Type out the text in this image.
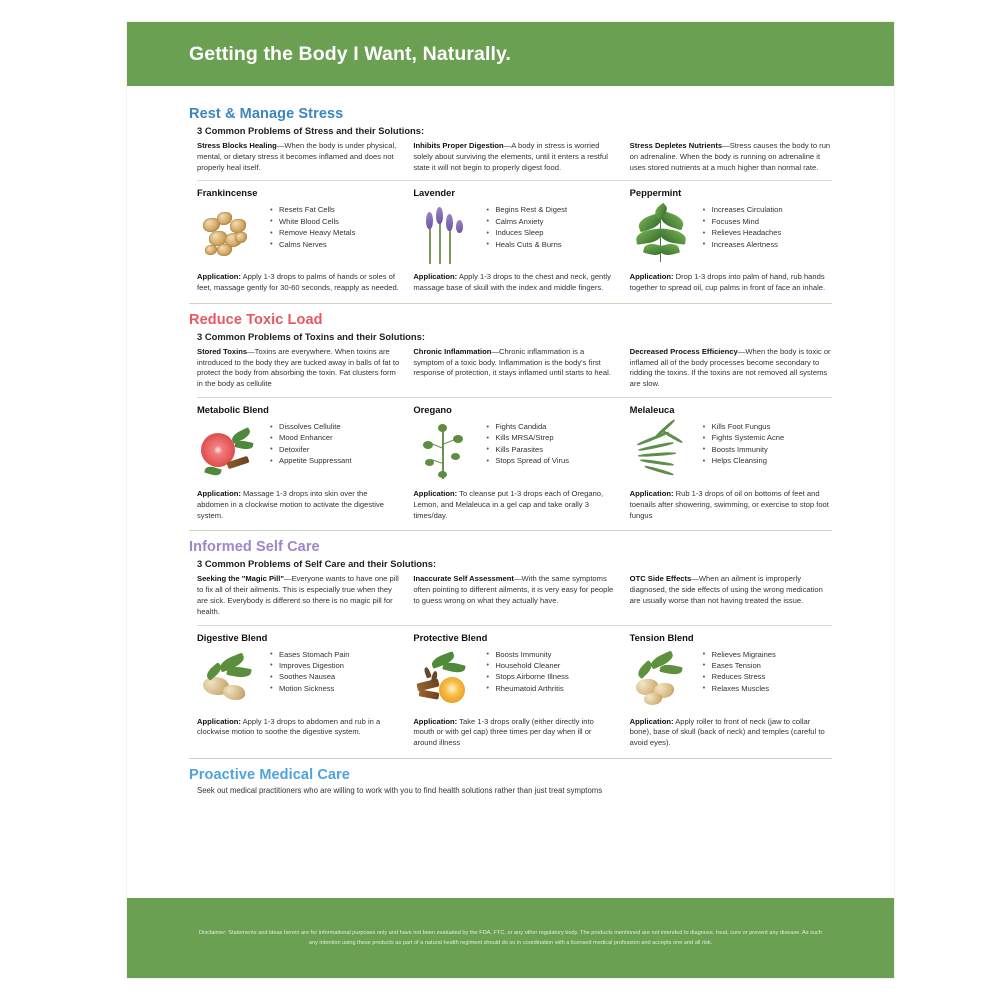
Getting the Body I Want, Naturally.
Rest & Manage Stress
3 Common Problems of Stress and their Solutions:
Stress Blocks Healing—When the body is under physical, mental, or dietary stress it becomes inflamed and does not properly heal itself.
Inhibits Proper Digestion—A body in stress is worried solely about surviving the elements, until it enters a restful state it will not begin to properly digest food.
Stress Depletes Nutrients—Stress causes the body to run on adrenaline. When the body is running on adrenaline it uses stored nutrients at a much higher than normal rate.
Frankincense
• Resets Fat Cells
• White Blood Cells
• Remove Heavy Metals
• Calms Nerves
Application: Apply 1-3 drops to palms of hands or soles of feet, massage gently for 30-60 seconds, reapply as needed.
Lavender
• Begins Rest & Digest
• Calms Anxiety
• Induces Sleep
• Heals Cuts & Burns
Application: Apply 1-3 drops to the chest and neck, gently massage base of skull with the index and middle fingers.
Peppermint
• Increases Circulation
• Focuses Mind
• Relieves Headaches
• Increases Alertness
Application: Drop 1-3 drops into palm of hand, rub hands together to spread oil, cup palms in front of face an inhale.
Reduce Toxic Load
3 Common Problems of Toxins and their Solutions:
Stored Toxins—Toxins are everywhere. When toxins are introduced to the body they are tucked away in balls of fat to protect the body from absorbing the toxin. Fat clusters form in the body as cellulite
Chronic Inflammation—Chronic inflammation is a symptom of a toxic body. Inflammation is the body's first response of protection, it stays inflamed until starts to heal.
Decreased Process Efficiency—When the body is toxic or inflamed all of the body processes become secondary to ridding the toxins. If the toxins are not removed all systems are slow.
Metabolic Blend
• Dissolves Cellulite
• Mood Enhancer
• Detoxifer
• Appetite Suppressant
Application: Massage 1-3 drops into skin over the abdomen in a clockwise motion to activate the digestive system.
Oregano
• Fights Candida
• Kills MRSA/Strep
• Kills Parasites
• Stops Spread of Virus
Application: To cleanse put 1-3 drops each of Oregano, Lemon, and Melaleuca in a gel cap and take orally 3 times/day.
Melaleuca
• Kills Foot Fungus
• Fights Systemic Acne
• Boosts Immunity
• Helps Cleansing
Application: Rub 1-3 drops of oil on bottoms of feet and toenails after showering, swimming, or exercise to stop foot fungus
Informed Self Care
3 Common Problems of Self Care and their Solutions:
Seeking the "Magic Pill"—Everyone wants to have one pill to fix all of their ailments. This is especially true when they are sick. Everybody is different so there is no magic pill for health.
Inaccurate Self Assessment—With the same symptoms often pointing to different ailments, it is very easy for people to guess wrong on what they actually have.
OTC Side Effects—When an ailment is improperly diagnosed, the side effects of using the wrong medication are usually worse than not having treated the issue.
Digestive Blend
• Eases Stomach Pain
• Improves Digestion
• Soothes Nausea
• Motion Sickness
Application: Apply 1-3 drops to abdomen and rub in a clockwise motion to soothe the digestive system.
Protective Blend
• Boosts Immunity
• Household Cleaner
• Stops Airborne Illness
• Rheumatoid Arthritis
Application: Take 1-3 drops orally (either directly into mouth or with gel cap) three times per day when ill or around illness
Tension Blend
• Relieves Migraines
• Eases Tension
• Reduces Stress
• Relaxes Muscles
Application: Apply roller to front of neck (jaw to collar bone), base of skull (back of neck) and temples (careful to avoid eyes).
Proactive Medical Care
Seek out medical practitioners who are willing to work with you to find health solutions rather than just treat symptoms
Disclaimer: Statements and ideas herein are for informational purposes only and have not been evaluated by the FDA, FTC, or any other regulatory body. The products mentioned are not intended to diagnose, treat, cure or prevent any disease. As such any intention using these products as part of a natural health regiment should do so in coordination with a licensed medical profession and accepts one and all risk.
